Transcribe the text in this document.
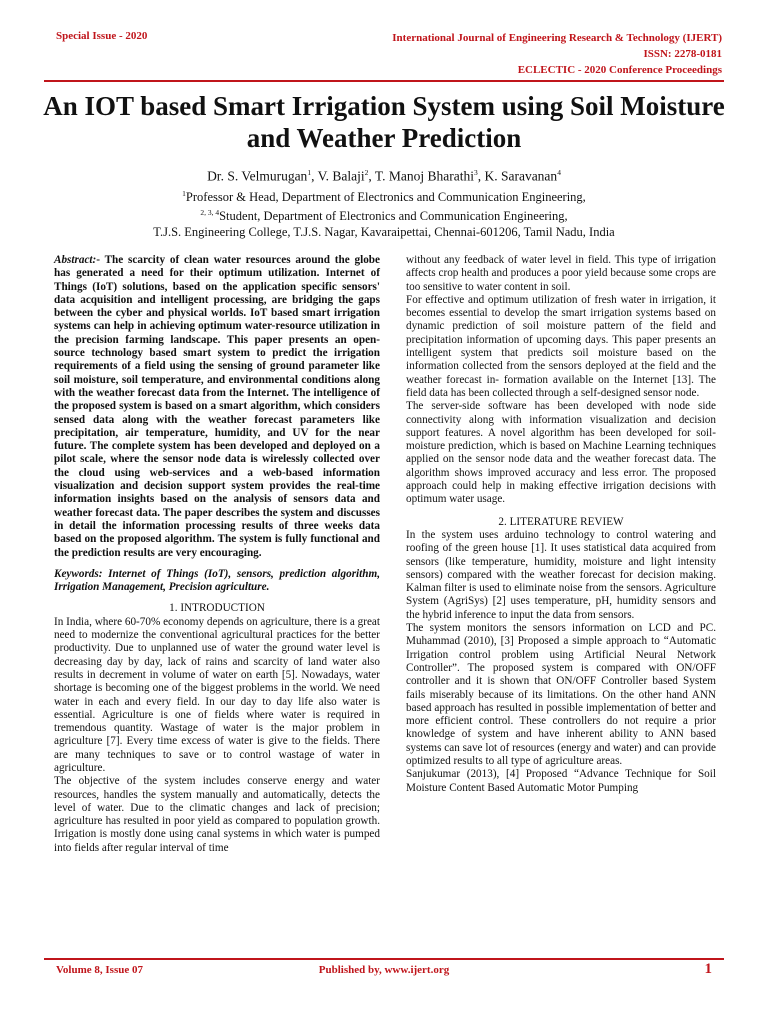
Special Issue - 2020	International Journal of Engineering Research & Technology (IJERT)
ISSN: 2278-0181
ECLECTIC - 2020 Conference Proceedings
An IOT based Smart Irrigation System using Soil Moisture and Weather Prediction
Dr. S. Velmurugan$^1$, V. Balaji$^2$, T. Manoj Bharathi$^3$, K. Saravanan$^4$
$^1$Professor & Head, Department of Electronics and Communication Engineering,
$^{2, 3, 4}$Student, Department of Electronics and Communication Engineering,
T.J.S. Engineering College, T.J.S. Nagar, Kavaraipettai, Chennai-601206, Tamil Nadu, India

Abstract:- The scarcity of clean water resources around the globe has generated a need for their optimum utilization. Internet of Things (IoT) solutions, based on the application specific sensors' data acquisition and intelligent processing, are bridging the gaps between the cyber and physical worlds. IoT based smart irrigation systems can help in achieving optimum water-resource utilization in the precision farming landscape. This paper presents an open-source technology based smart system to predict the irrigation requirements of a field using the sensing of ground parameter like soil moisture, soil temperature, and environmental conditions along with the weather forecast data from the Internet. The intelligence of the proposed system is based on a smart algorithm, which considers sensed data along with the weather forecast parameters like precipitation, air temperature, humidity, and UV for the near future. The complete system has been developed and deployed on a pilot scale, where the sensor node data is wirelessly collected over the cloud using web-services and a web-based information visualization and decision support system provides the real-time information insights based on the analysis of sensors data and weather forecast data. The paper describes the system and discusses in detail the information processing results of three weeks data based on the proposed algorithm. The system is fully functional and the prediction results are very encouraging.

Keywords: Internet of Things (IoT), sensors, prediction algorithm, Irrigation Management, Precision agriculture.

1. INTRODUCTION

In India, where 60-70% economy depends on agriculture, there is a great need to modernize the conventional agricultural practices for the better productivity. Due to unplanned use of water the ground water level is decreasing day by day, lack of rains and scarcity of land water also results in decrement in volume of water on earth [5]. Nowadays, water shortage is becoming one of the biggest problems in the world. We need water in each and every field. In our day to day life also water is essential. Agriculture is one of fields where water is required in tremendous quantity. Wastage of water is the major problem in agriculture [7]. Every time excess of water is give to the fields. There are many techniques to save or to control wastage of water in agriculture.

The objective of the system includes conserve energy and water resources, handles the system manually and automatically, detects the level of water. Due to the climatic changes and lack of precision; agriculture has resulted in poor yield as compared to population growth. Irrigation is mostly done using canal systems in which water is pumped into fields after regular interval of time

without any feedback of water level in field. This type of irrigation affects crop health and produces a poor yield because some crops are too sensitive to water content in soil.

For effective and optimum utilization of fresh water in irrigation, it becomes essential to develop the smart irrigation systems based on dynamic prediction of soil moisture pattern of the field and precipitation information of upcoming days. This paper presents an intelligent system that predicts soil moisture based on the information collected from the sensors deployed at the field and the weather forecast in- formation available on the Internet [13]. The field data has been collected through a self-designed sensor node.

The server-side software has been developed with node side connectivity along with information visualization and decision support features. A novel algorithm has been developed for soil-moisture prediction, which is based on Machine Learning techniques applied on the sensor node data and the weather forecast data. The algorithm shows improved accuracy and less error. The proposed approach could help in making effective irrigation decisions with optimum water usage.

2. LITERATURE REVIEW

In the system uses arduino technology to control watering and roofing of the green house [1]. It uses statistical data acquired from sensors (like temperature, humidity, moisture and light intensity sensors) compared with the weather forecast for decision making. Kalman filter is used to eliminate noise from the sensors. Agriculture System (AgriSys) [2] uses temperature, pH, humidity sensors and the hybrid inference to input the data from sensors.

The system monitors the sensors information on LCD and PC. Muhammad (2010), [3] Proposed a simple approach to “Automatic Irrigation control problem using Artificial Neural Network Controller”. The proposed system is compared with ON/OFF controller and it is shown that ON/OFF Controller based System fails miserably because of its limitations. On the other hand ANN based approach has resulted in possible implementation of better and more efficient control. These controllers do not require a prior knowledge of system and have inherent ability to ANN based systems can save lot of resources (energy and water) and can provide optimized results to all type of agriculture areas.

Sanjukumar (2013), [4] Proposed “Advance Technique for Soil Moisture Content Based Automatic Motor Pumping

Volume 8, Issue 07	Published by, www.ijert.org	1
